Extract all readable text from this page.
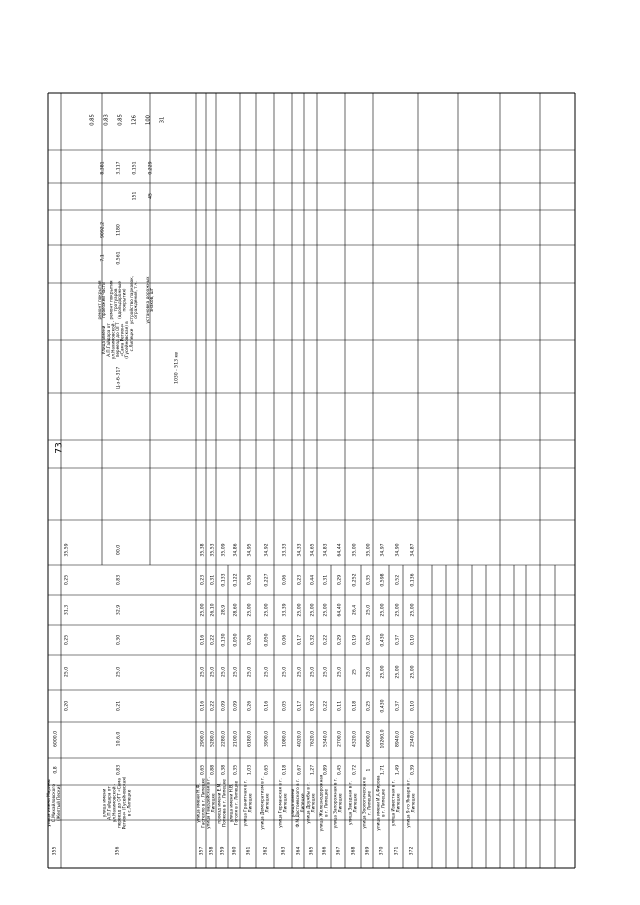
73
355
улица имени Марины С.Михайловского (Желтый Пески)
0,8
6000,0
356
улица имени А.П.Гайдара от ул.Нахимовской - переезд до ОГТ «Сама Регион» (Гусейновская) в с.Липецке
0,83
10,6,0
0,21
25,0
0,30
32,9
0,83
00,0
357
улица имени Н.Ф. Гастелло в г. Липецке
0,65
2900,0
0,16
25,0
0,16
25,00
0,23
35,38
358
улица Гвардейская в г. Липецке
0,88
5280,0
0,22
25,0
0,22
26,10
0,31
35,53
359
проезд имени Е.М. Попкова в г. Липецке
0,38
2280,0
0,09
25,0
0,130
28,9
0,133
35,09
360
улица имени Н.В. Гоголя в г. Липецке
0,35
2100,0
0,09
25,0
0,050
28,60
0,122
34,86
361
улица Гранитная в г. Липецке
1,03
6180,0
0,26
25,0
0,26
25,00
0,36
34,95
362
улица Демократизм в г. Липецке
0,65
3900,0
0,16
25,0
0,050
25,00
0,227
34,92
363
улица Германская в г. Липецке
0,18
1080,0
0,05
25,0
0,06
33,39
0,06
33,33
364
улица имени Ф.М.Достоевского в г. Липецке
0,67
4020,0
0,17
25,0
0,17
25,00
0,23
34,33
365
улица Дружбы в г. Липецке
1,27
7620,0
0,32
25,0
0,32
25,00
0,44
34,65
366
улица Железнодорожная в г. Липецке
0,89
5340,0
0,22
25,0
0,22
25,00
0,31
34,83
367
улица Запорожная в г. Липецке
0,45
2700,0
0,11
25,0
0,29
64,40
0,29
64,44
368
улица Звездная в г. Липецке
0,72
4320,0
0,18
25
0,19
26,4
0,252
35,00
369
улица Зоологическая в г. Липецке
1
6000,0
0,25
25,0
0,25
25,0
0,35
35,00
370
улица имени И.А.Фирова в г. Липецке
1,71
10260,0
0,430
25,00
0,430
25,00
0,598
34,97
371
улица Известная в г. Липецке
1,49
8940,0
0,37
25,00
0,37
25,00
0,52
34,90
372
улица 9-го Января в г. Липецке
0,39
2340,0
0,10
25,00
0,10
25,00
0,136
34,87
0,20
25,0
0,25
31,3
0,25
35,59
Ц-з-б-317
Улица имени А.П.Гайдара от ул.Нахимовской - переезд до ОГТ «Сама Регион» (Гусейновская) в с.Липецке
ремонт покрытия проезжей части ремонт покрытия тротуаров (вдольдорожные покрытия) устройство парковок, ограждения, т.ч. установка дорожных знаков, шт
7,1 0,561
9092,2 1180
151 45
8,381 3,117 0,151 0,229
1030 - 513 кв
0,85 0,83 0,85 126 100 31
